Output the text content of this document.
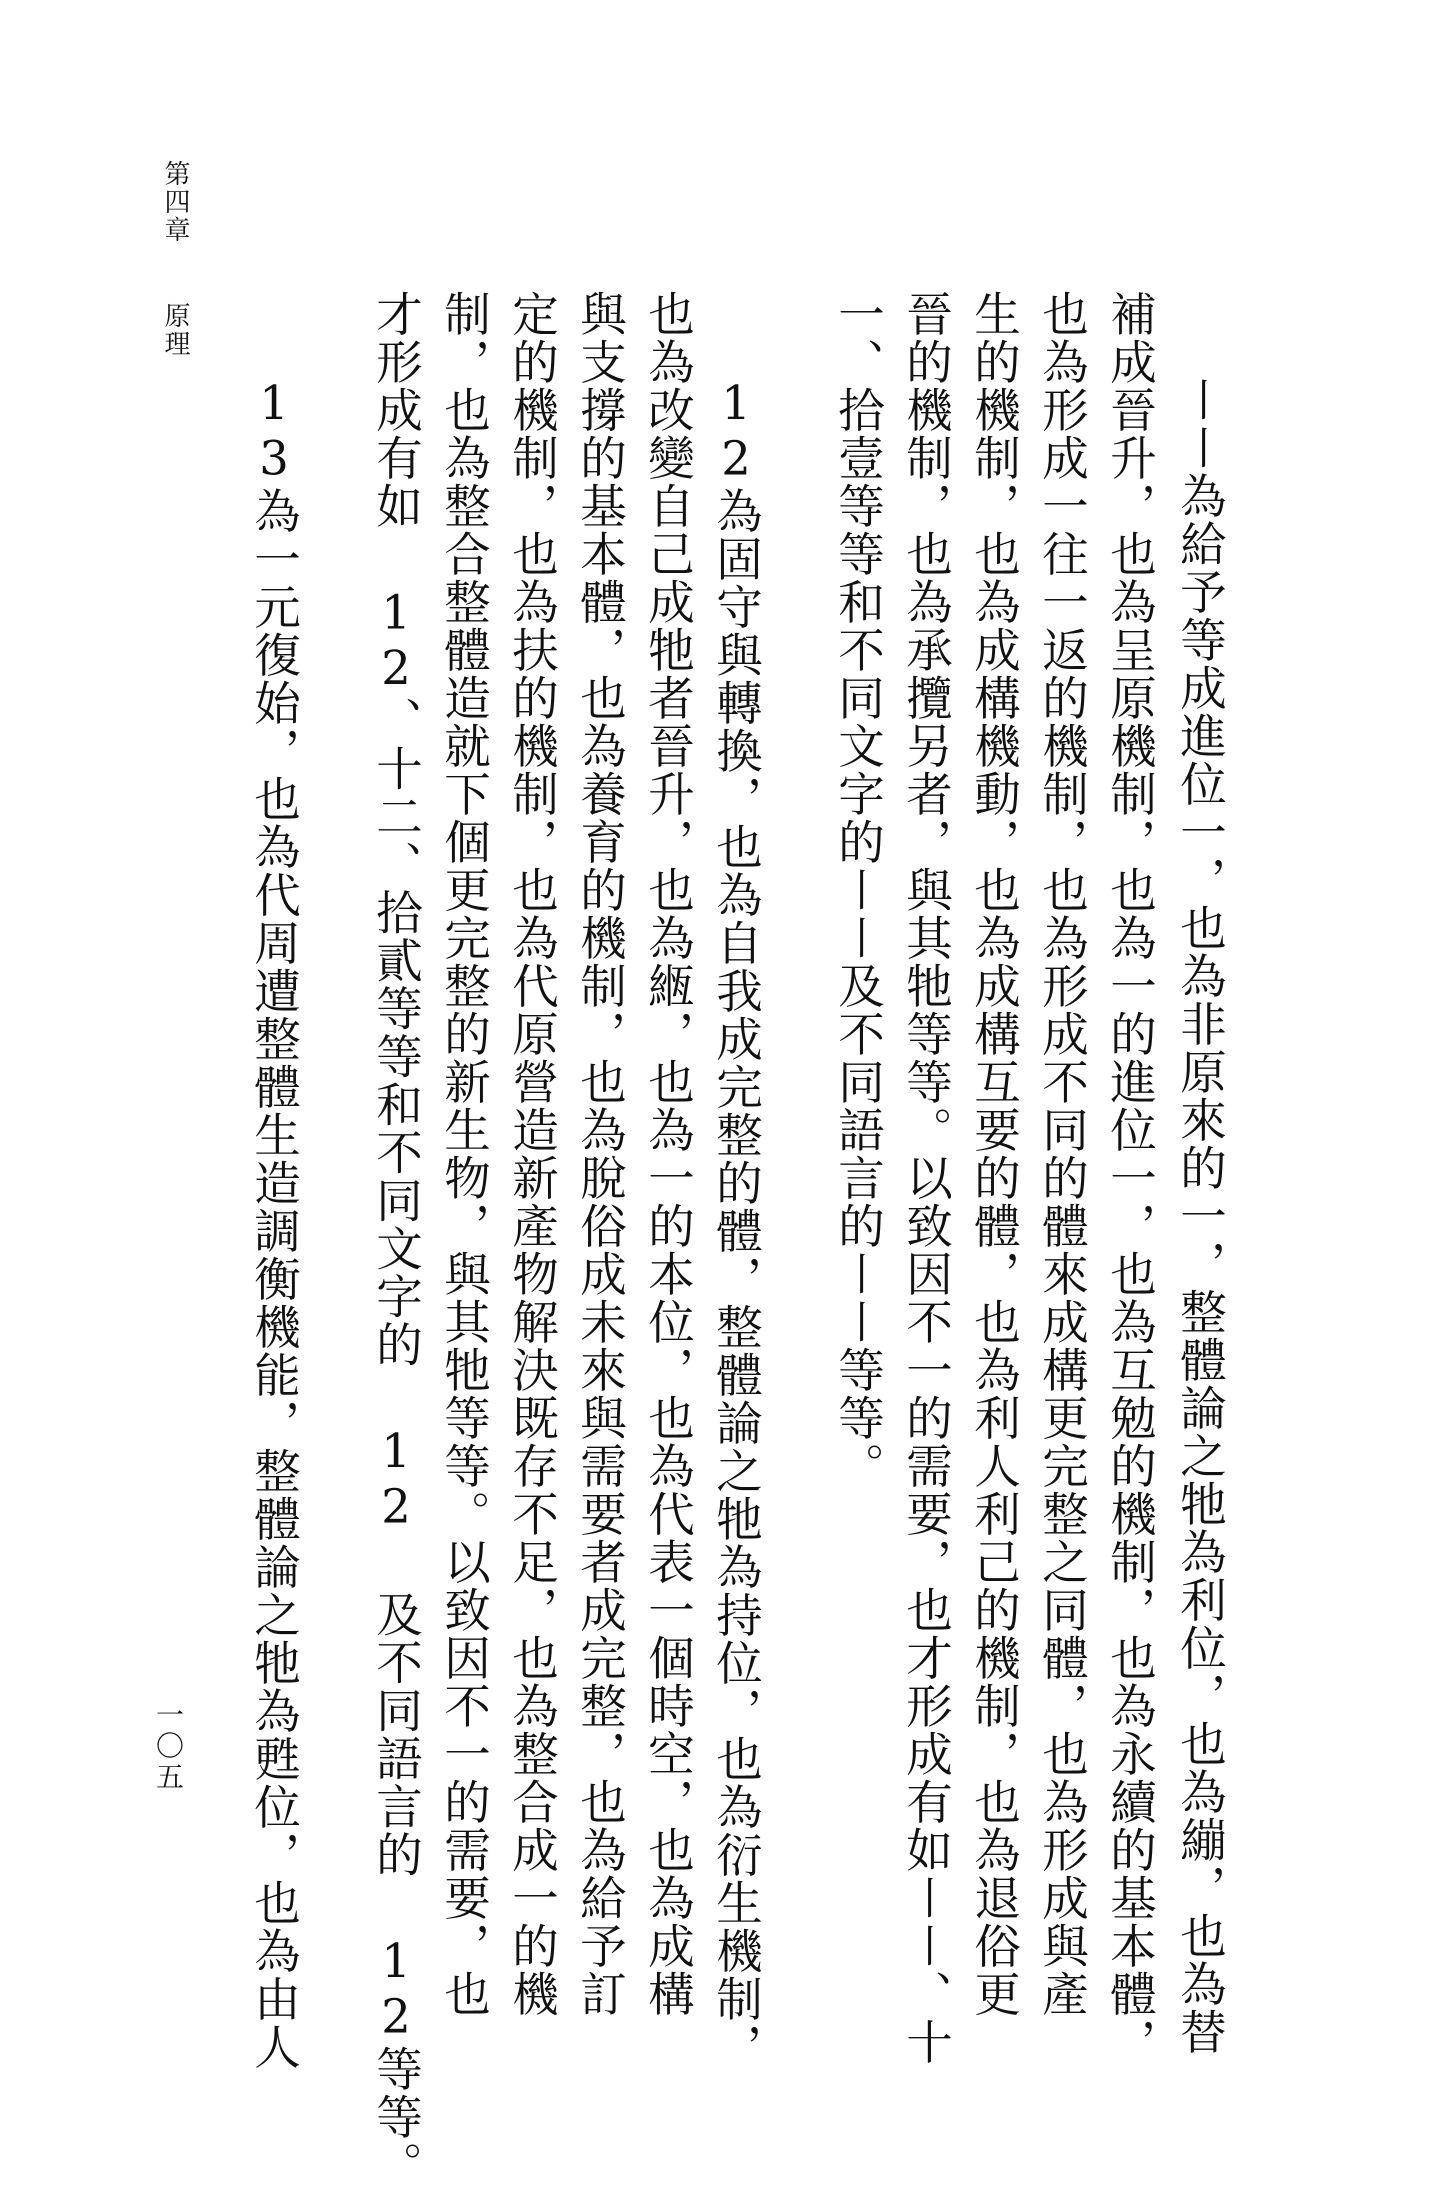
第四章
原理
〡〡為給予等成進位一，也為非原來的一，整體論之牠為利位，也為繃，也為替
補成晉升，也為呈原機制，也為一的進位一，也為互勉的機制，也為永續的基本體，
也為形成一往一返的機制，也為形成不同的體來成構更完整之同體，也為形成與產
生的機制，也為成構機動，也為成構互要的體，也為利人利己的機制，也為退俗更
晉的機制，也為承攬另者，與其牠等等。以致因不一的需要，也才形成有如〡〡、十
一、拾壹等等和不同文字的〡〡及不同語言的〡〡等等。
12為固守與轉換，也為自我成完整的體，整體論之牠為持位，也為衍生機制，
也為改變自己成牠者晉升，也為緪，也為一的本位，也為代表一個時空，也為成構
與支撐的基本體，也為養育的機制，也為脫俗成未來與需要者成完整，也為給予訂
定的機制，也為扶的機制，也為代原營造新產物解決既存不足，也為整合成一的機
制，也為整合整體造就下個更完整的新生物，與其牠等等。以致因不一的需要，也
才形成有如 12、十二、拾貳等等和不同文字的 12 及不同語言的 12等等。
13為一元復始，也為代周遭整體生造調衡機能，整體論之牠為甦位，也為由人
一〇五
